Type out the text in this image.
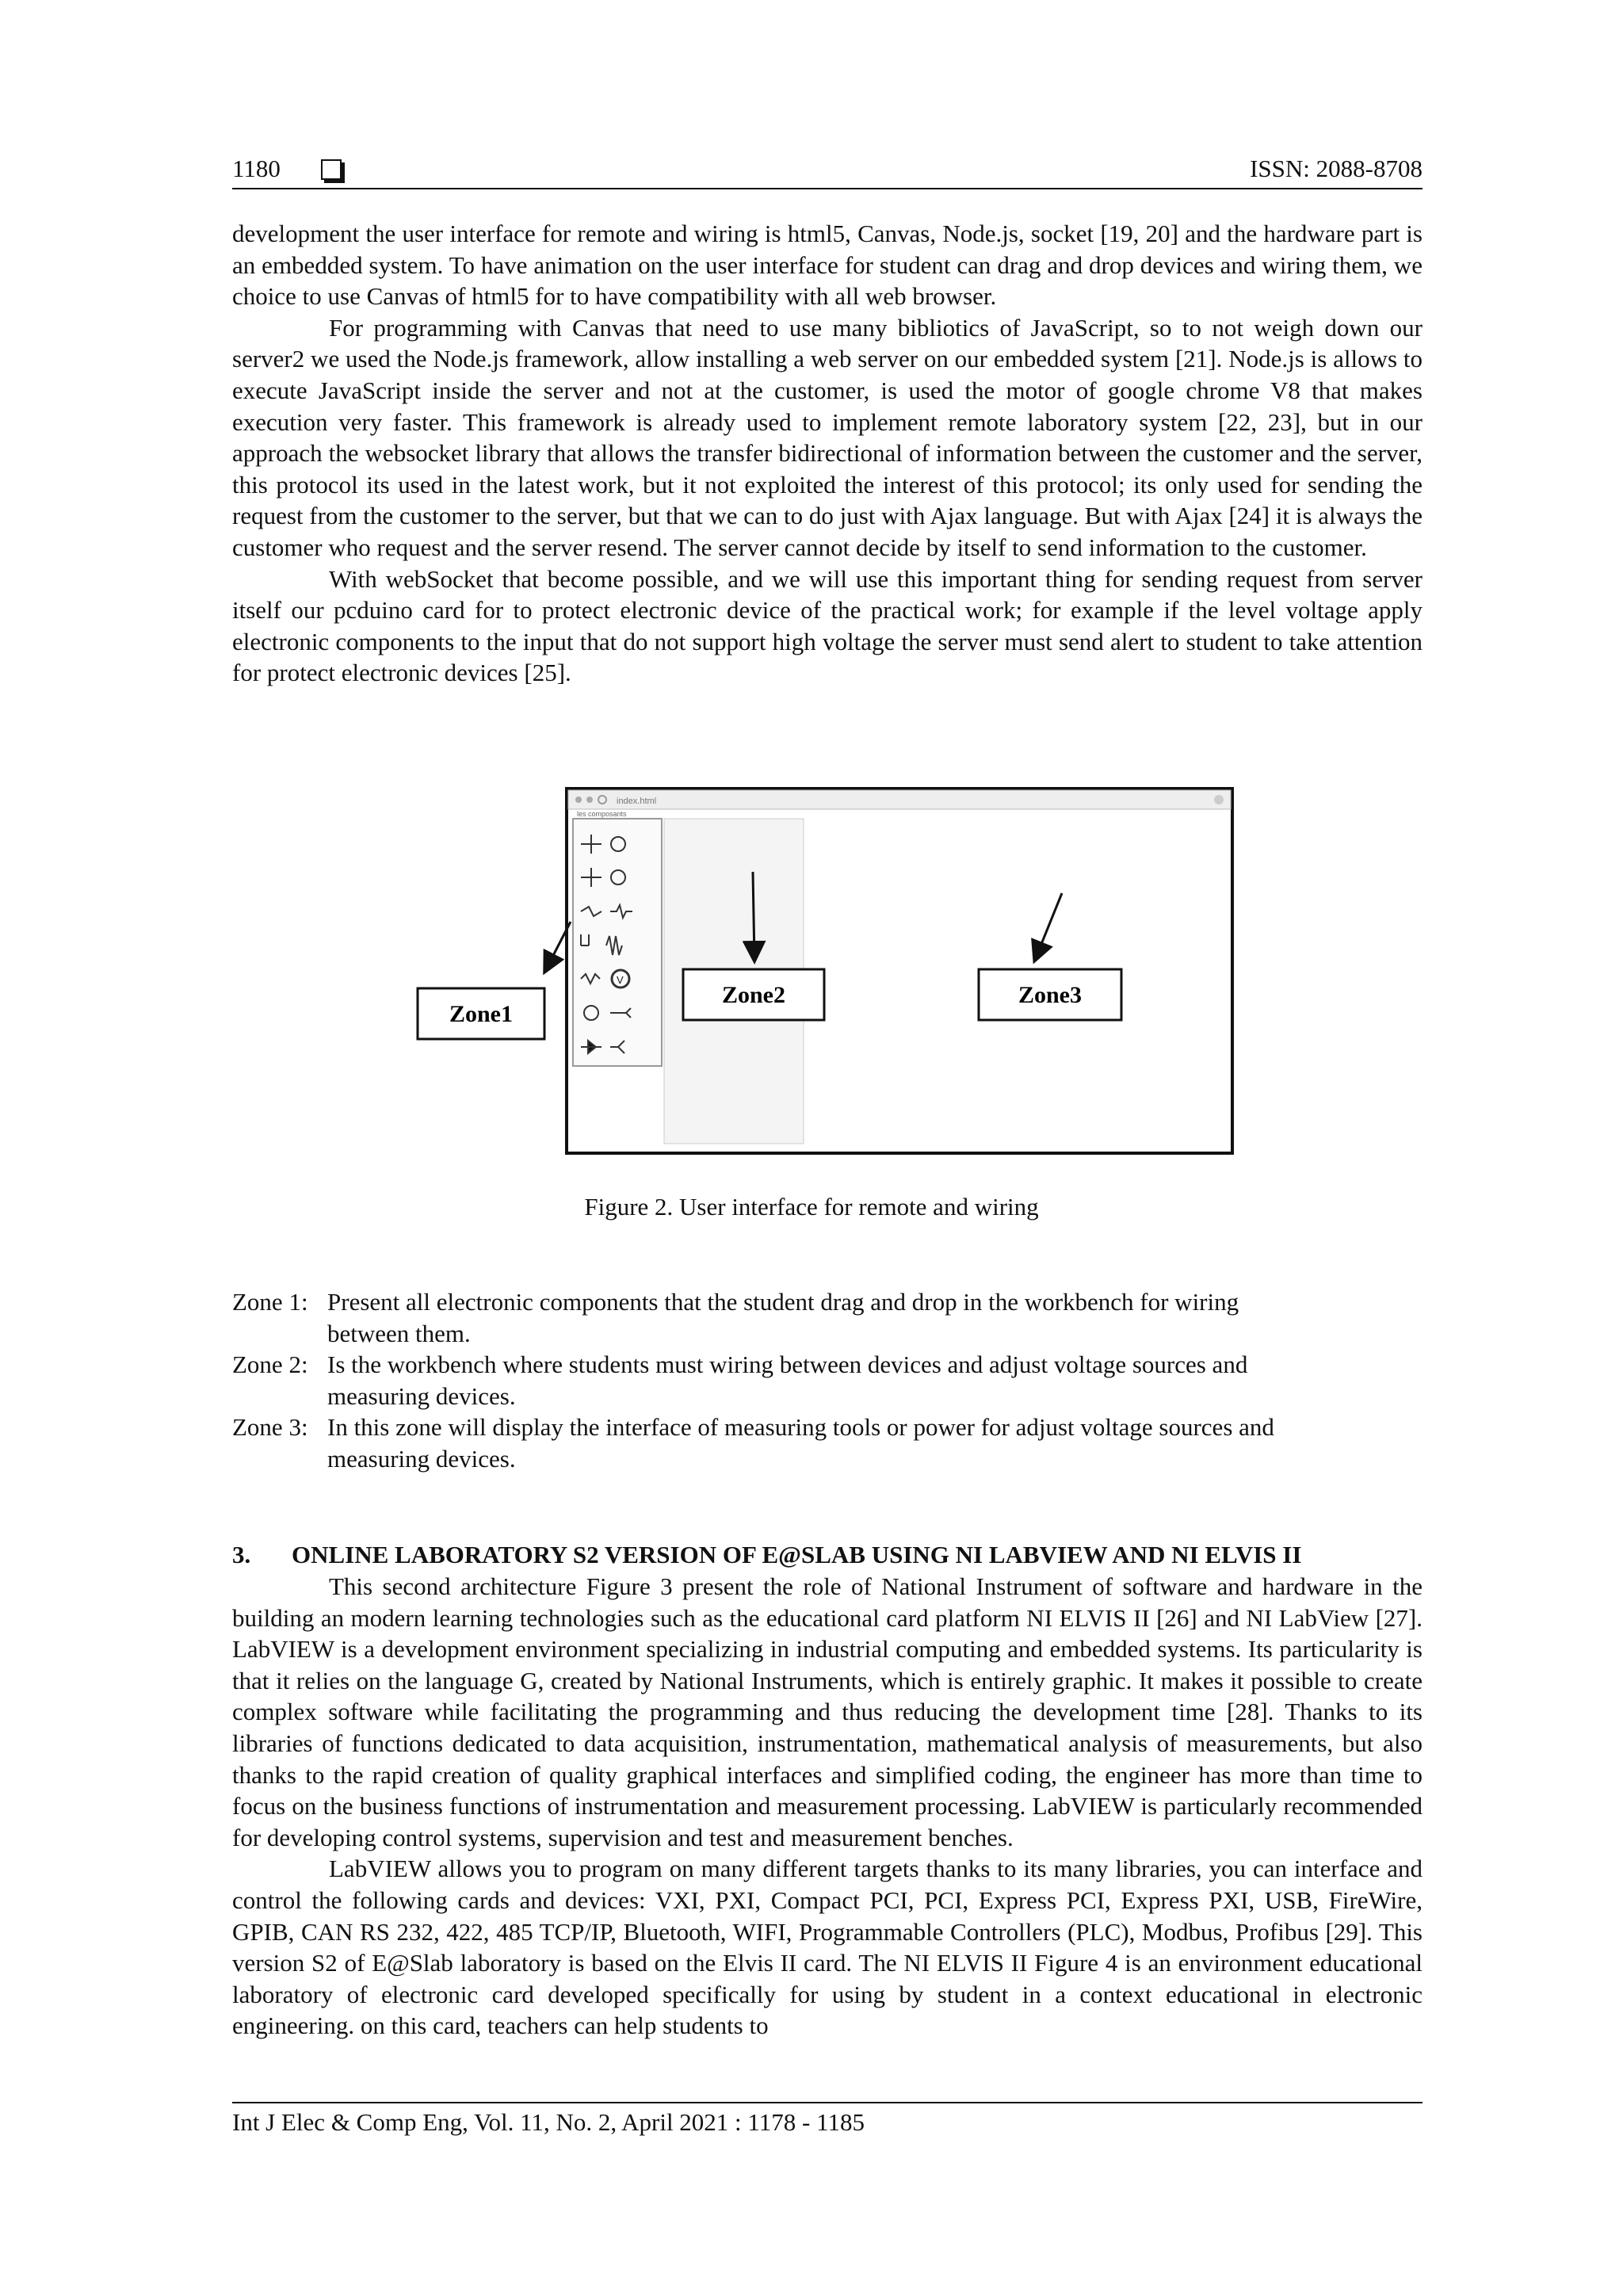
1180	ISSN: 2088-8708

development the user interface for remote and wiring is html5, Canvas, Node.js, socket [19, 20] and the hardware part is an embedded system. To have animation on the user interface for student can drag and drop devices and wiring them, we choice to use Canvas of html5 for to have compatibility with all web browser.

For programming with Canvas that need to use many bibliotics of JavaScript, so to not weigh down our server2 we used the Node.js framework, allow installing a web server on our embedded system [21]. Node.js is allows to execute JavaScript inside the server and not at the customer, is used the motor of google chrome V8 that makes execution very faster. This framework is already used to implement remote laboratory system [22, 23], but in our approach the websocket library that allows the transfer bidirectional of information between the customer and the server, this protocol its used in the latest work, but it not exploited the interest of this protocol; its only used for sending the request from the customer to the server, but that we can to do just with Ajax language. But with Ajax [24] it is always the customer who request and the server resend. The server cannot decide by itself to send information to the customer.

With webSocket that become possible, and we will use this important thing for sending request from server itself our pcduino card for to protect electronic device of the practical work; for example if the level voltage apply electronic components to the input that do not support high voltage the server must send alert to student to take attention for protect electronic devices [25].

index.html
les composants
V
Zone1
Zone2	Zone3
Figure 2. User interface for remote and wiring
Zone 1: Present all electronic components that the student drag and drop in the workbench for wiring
between them.
Zone 2: Is the workbench where students must wiring between devices and adjust voltage sources and
measuring devices.
Zone 3: In this zone will display the interface of measuring tools or power for adjust voltage sources and
measuring devices.
3. ONLINE LABORATORY S2 VERSION OF E@SLAB USING NI LABVIEW AND NI ELVIS II

This second architecture Figure 3 present the role of National Instrument of software and hardware in the building an modern learning technologies such as the educational card platform NI ELVIS II [26] and NI LabView [27]. LabVIEW is a development environment specializing in industrial computing and embedded systems. Its particularity is that it relies on the language G, created by National Instruments, which is entirely graphic. It makes it possible to create complex software while facilitating the programming and thus reducing the development time [28]. Thanks to its libraries of functions dedicated to data acquisition, instrumentation, mathematical analysis of measurements, but also thanks to the rapid creation of quality graphical interfaces and simplified coding, the engineer has more than time to focus on the business functions of instrumentation and measurement processing. LabVIEW is particularly recommended for developing control systems, supervision and test and measurement benches.

LabVIEW allows you to program on many different targets thanks to its many libraries, you can interface and control the following cards and devices: VXI, PXI, Compact PCI, PCI, Express PCI, Express PXI, USB, FireWire, GPIB, CAN RS 232, 422, 485 TCP/IP, Bluetooth, WIFI, Programmable Controllers (PLC), Modbus, Profibus [29]. This version S2 of E@Slab laboratory is based on the Elvis II card. The NI ELVIS II Figure 4 is an environment educational laboratory of electronic card developed specifically for using by student in a context educational in electronic engineering. on this card, teachers can help students to

Int J Elec & Comp Eng, Vol. 11, No. 2, April 2021 : 1178 - 1185
